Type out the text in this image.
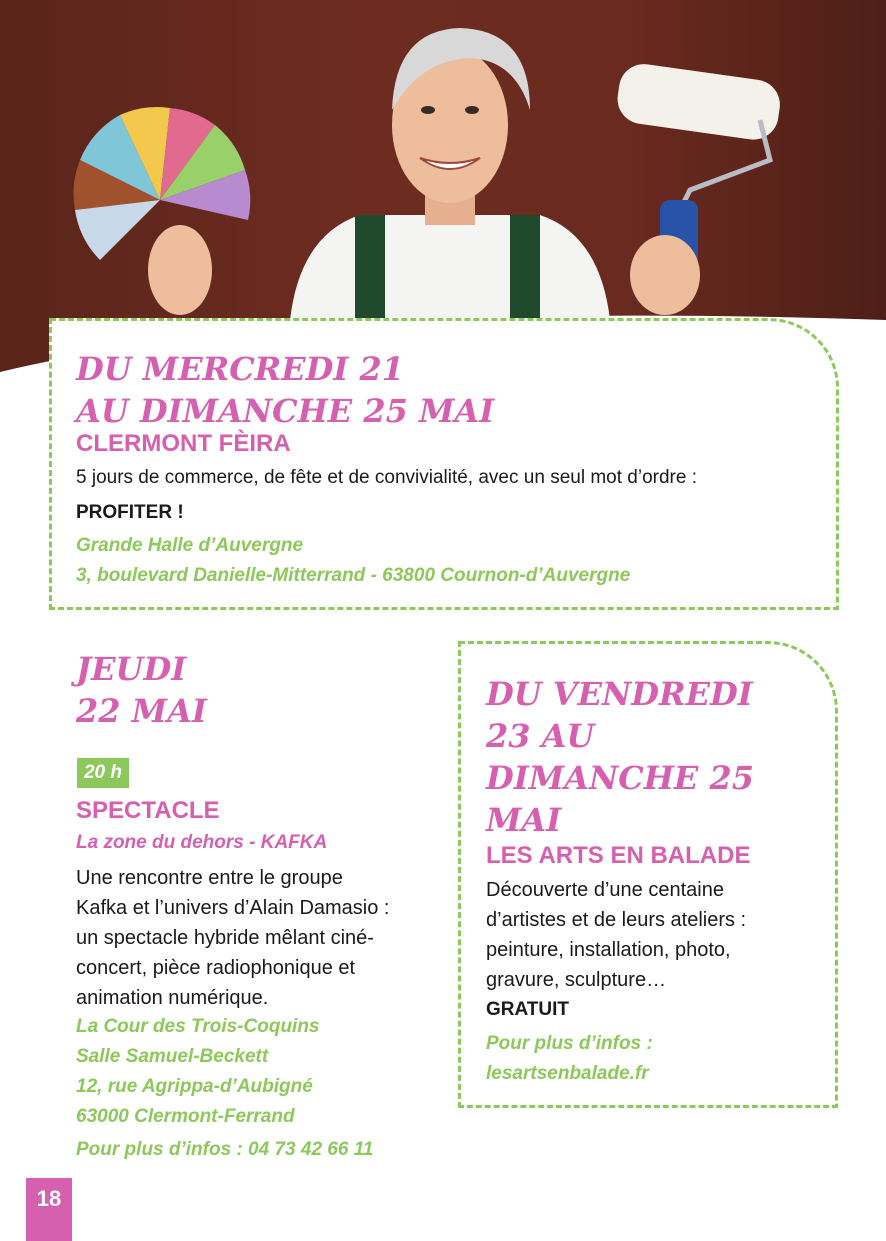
DU MERCREDI 21

AU DIMANCHE 25 MAI

CLERMONT FÈIRA

5 jours de commerce, de fête et de convivialité, avec un seul mot d’ordre :

PROFITER !

Grande Halle d’Auvergne

3, boulevard Danielle-Mitterrand - 63800 Cournon-d’Auvergne

JEUDI

22 MAI

20 h

SPECTACLE

La zone du dehors - KAFKA

Une rencontre entre le groupe

Kafka et l’univers d’Alain Damasio :

un spectacle hybride mêlant ciné-

concert, pièce radiophonique et

animation numérique.

La Cour des Trois-Coquins

Salle Samuel-Beckett

12, rue Agrippa-d’Aubigné

63000 Clermont-Ferrand

Pour plus d’infos : 04 73 42 66 11

DU VENDREDI

23 AU

DIMANCHE 25

MAI

LES ARTS EN BALADE

Découverte d’une centaine

d’artistes et de leurs ateliers :

peinture, installation, photo,

gravure, sculpture…

GRATUIT

Pour plus d’infos :

lesartsenbalade.fr

18
